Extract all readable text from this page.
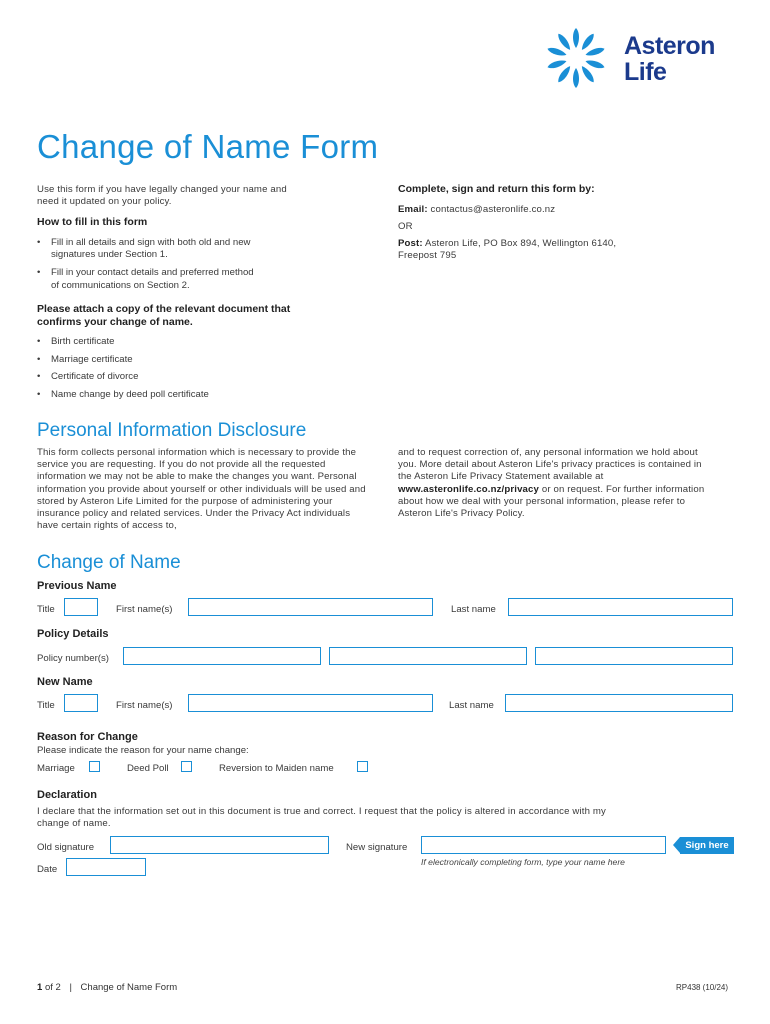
Asteron
Life
Change of Name Form
Use this form if you have legally changed your name and need it updated on your policy.
How to fill in this form
• Fill in all details and sign with both old and new signatures under Section 1.
• Fill in your contact details and preferred method of communications on Section 2.
Please attach a copy of the relevant document that confirms your change of name.
• Birth certificate
• Marriage certificate
• Certificate of divorce
• Name change by deed poll certificate
Complete, sign and return this form by:
Email: contactus@asteronlife.co.nz
OR
Post: Asteron Life, PO Box 894, Wellington 6140, Freepost 795
Personal Information Disclosure
This form collects personal information which is necessary to provide the service you are requesting. If you do not provide all the requested information we may not be able to make the changes you want. Personal information you provide about yourself or other individuals will be used and stored by Asteron Life Limited for the purpose of administering your insurance policy and related services. Under the Privacy Act individuals have certain rights of access to,
and to request correction of, any personal information we hold about you. More detail about Asteron Life's privacy practices is contained in the Asteron Life Privacy Statement available at www.asteronlife.co.nz/privacy or on request. For further information about how we deal with your personal information, please refer to Asteron Life's Privacy Policy.
Change of Name
Previous Name
Title	First name(s)	Last name
Policy Details
Policy number(s)
New Name
Title	First name(s)	Last name
Reason for Change
Please indicate the reason for your name change:
Marriage	Deed Poll	Reversion to Maiden name
Declaration
I declare that the information set out in this document is true and correct. I request that the policy is altered in accordance with my change of name.
Old signature	New signature	Sign here
If electronically completing form, type your name here
Date
1 of 2 | Change of Name Form	RP438 (10/24)
